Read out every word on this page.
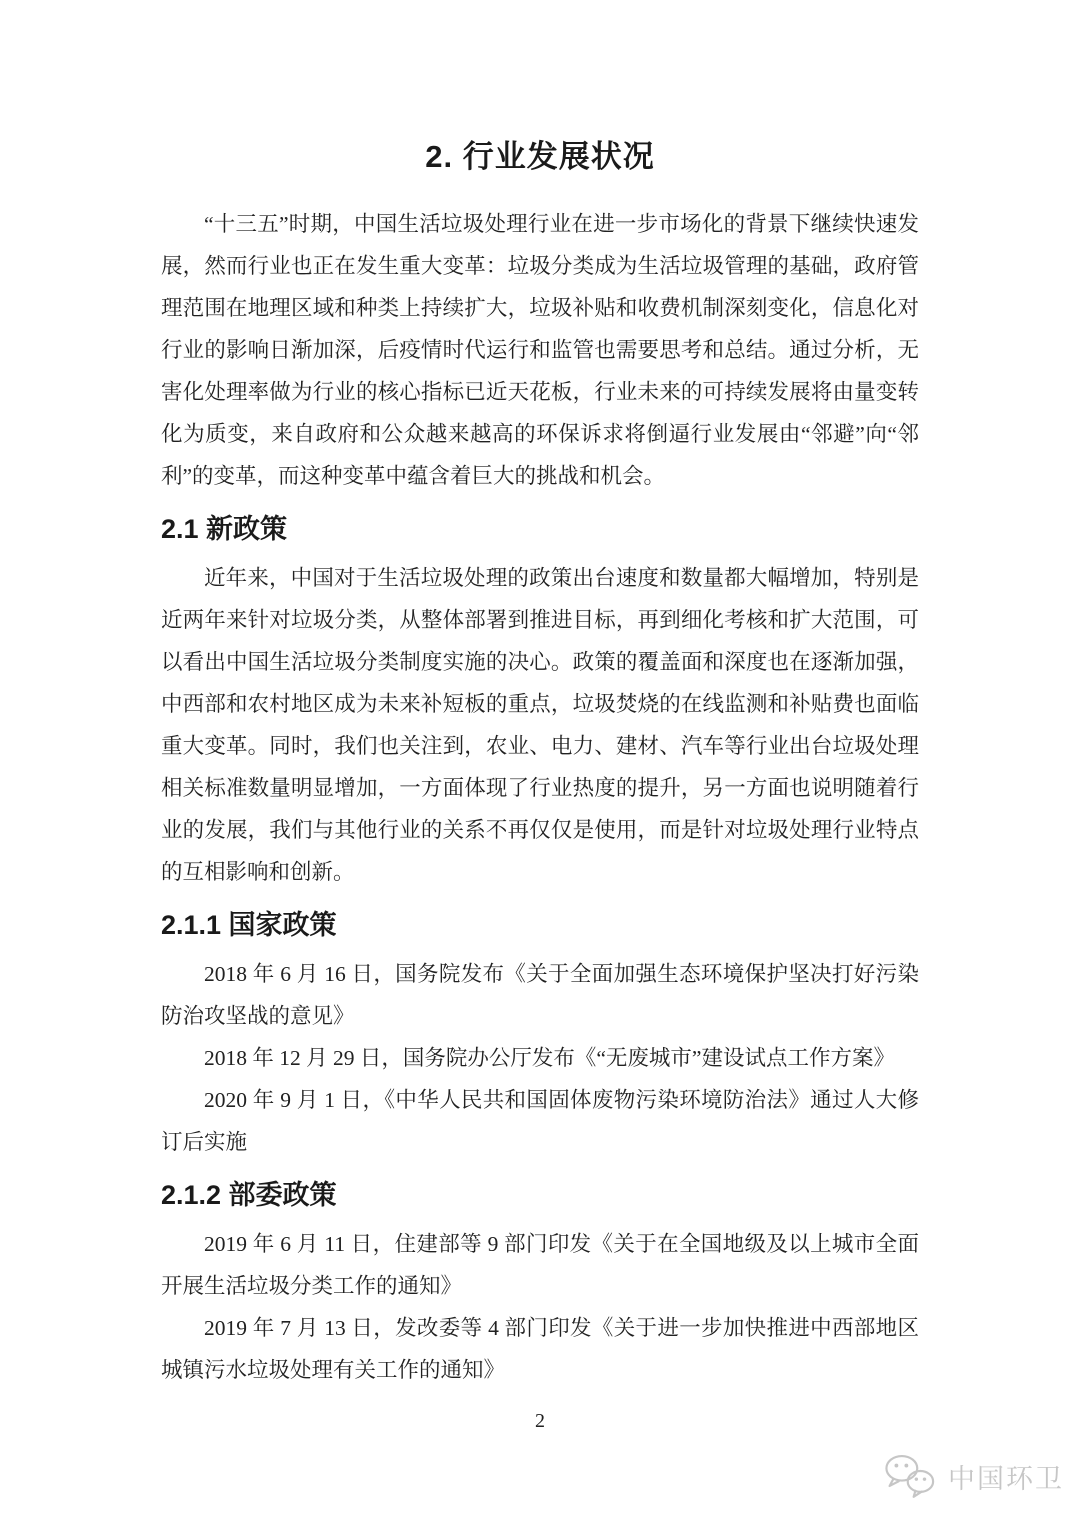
2. 行业发展状况

“十三五”时期，中国生活垃圾处理行业在进一步市场化的背景下继续快速发展，然而行业也正在发生重大变革：垃圾分类成为生活垃圾管理的基础，政府管理范围在地理区域和种类上持续扩大，垃圾补贴和收费机制深刻变化，信息化对行业的影响日渐加深，后疫情时代运行和监管也需要思考和总结。通过分析，无害化处理率做为行业的核心指标已近天花板，行业未来的可持续发展将由量变转化为质变，来自政府和公众越来越高的环保诉求将倒逼行业发展由“邻避”向“邻利”的变革，而这种变革中蕴含着巨大的挑战和机会。

2.1 新政策

近年来，中国对于生活垃圾处理的政策出台速度和数量都大幅增加，特别是近两年来针对垃圾分类，从整体部署到推进目标，再到细化考核和扩大范围，可以看出中国生活垃圾分类制度实施的决心。政策的覆盖面和深度也在逐渐加强，中西部和农村地区成为未来补短板的重点，垃圾焚烧的在线监测和补贴费也面临重大变革。同时，我们也关注到，农业、电力、建材、汽车等行业出台垃圾处理相关标准数量明显增加，一方面体现了行业热度的提升，另一方面也说明随着行业的发展，我们与其他行业的关系不再仅仅是使用，而是针对垃圾处理行业特点的互相影响和创新。

2.1.1 国家政策

2018 年 6 月 16 日，国务院发布《关于全面加强生态环境保护坚决打好污染防治攻坚战的意见》

2018 年 12 月 29 日，国务院办公厅发布《“无废城市”建设试点工作方案》

2020 年 9 月 1 日，《中华人民共和国固体废物污染环境防治法》通过人大修订后实施

2.1.2 部委政策

2019 年 6 月 11 日，住建部等 9 部门印发《关于在全国地级及以上城市全面开展生活垃圾分类工作的通知》

2019 年 7 月 13 日，发改委等 4 部门印发《关于进一步加快推进中西部地区城镇污水垃圾处理有关工作的通知》

2
中国环卫
